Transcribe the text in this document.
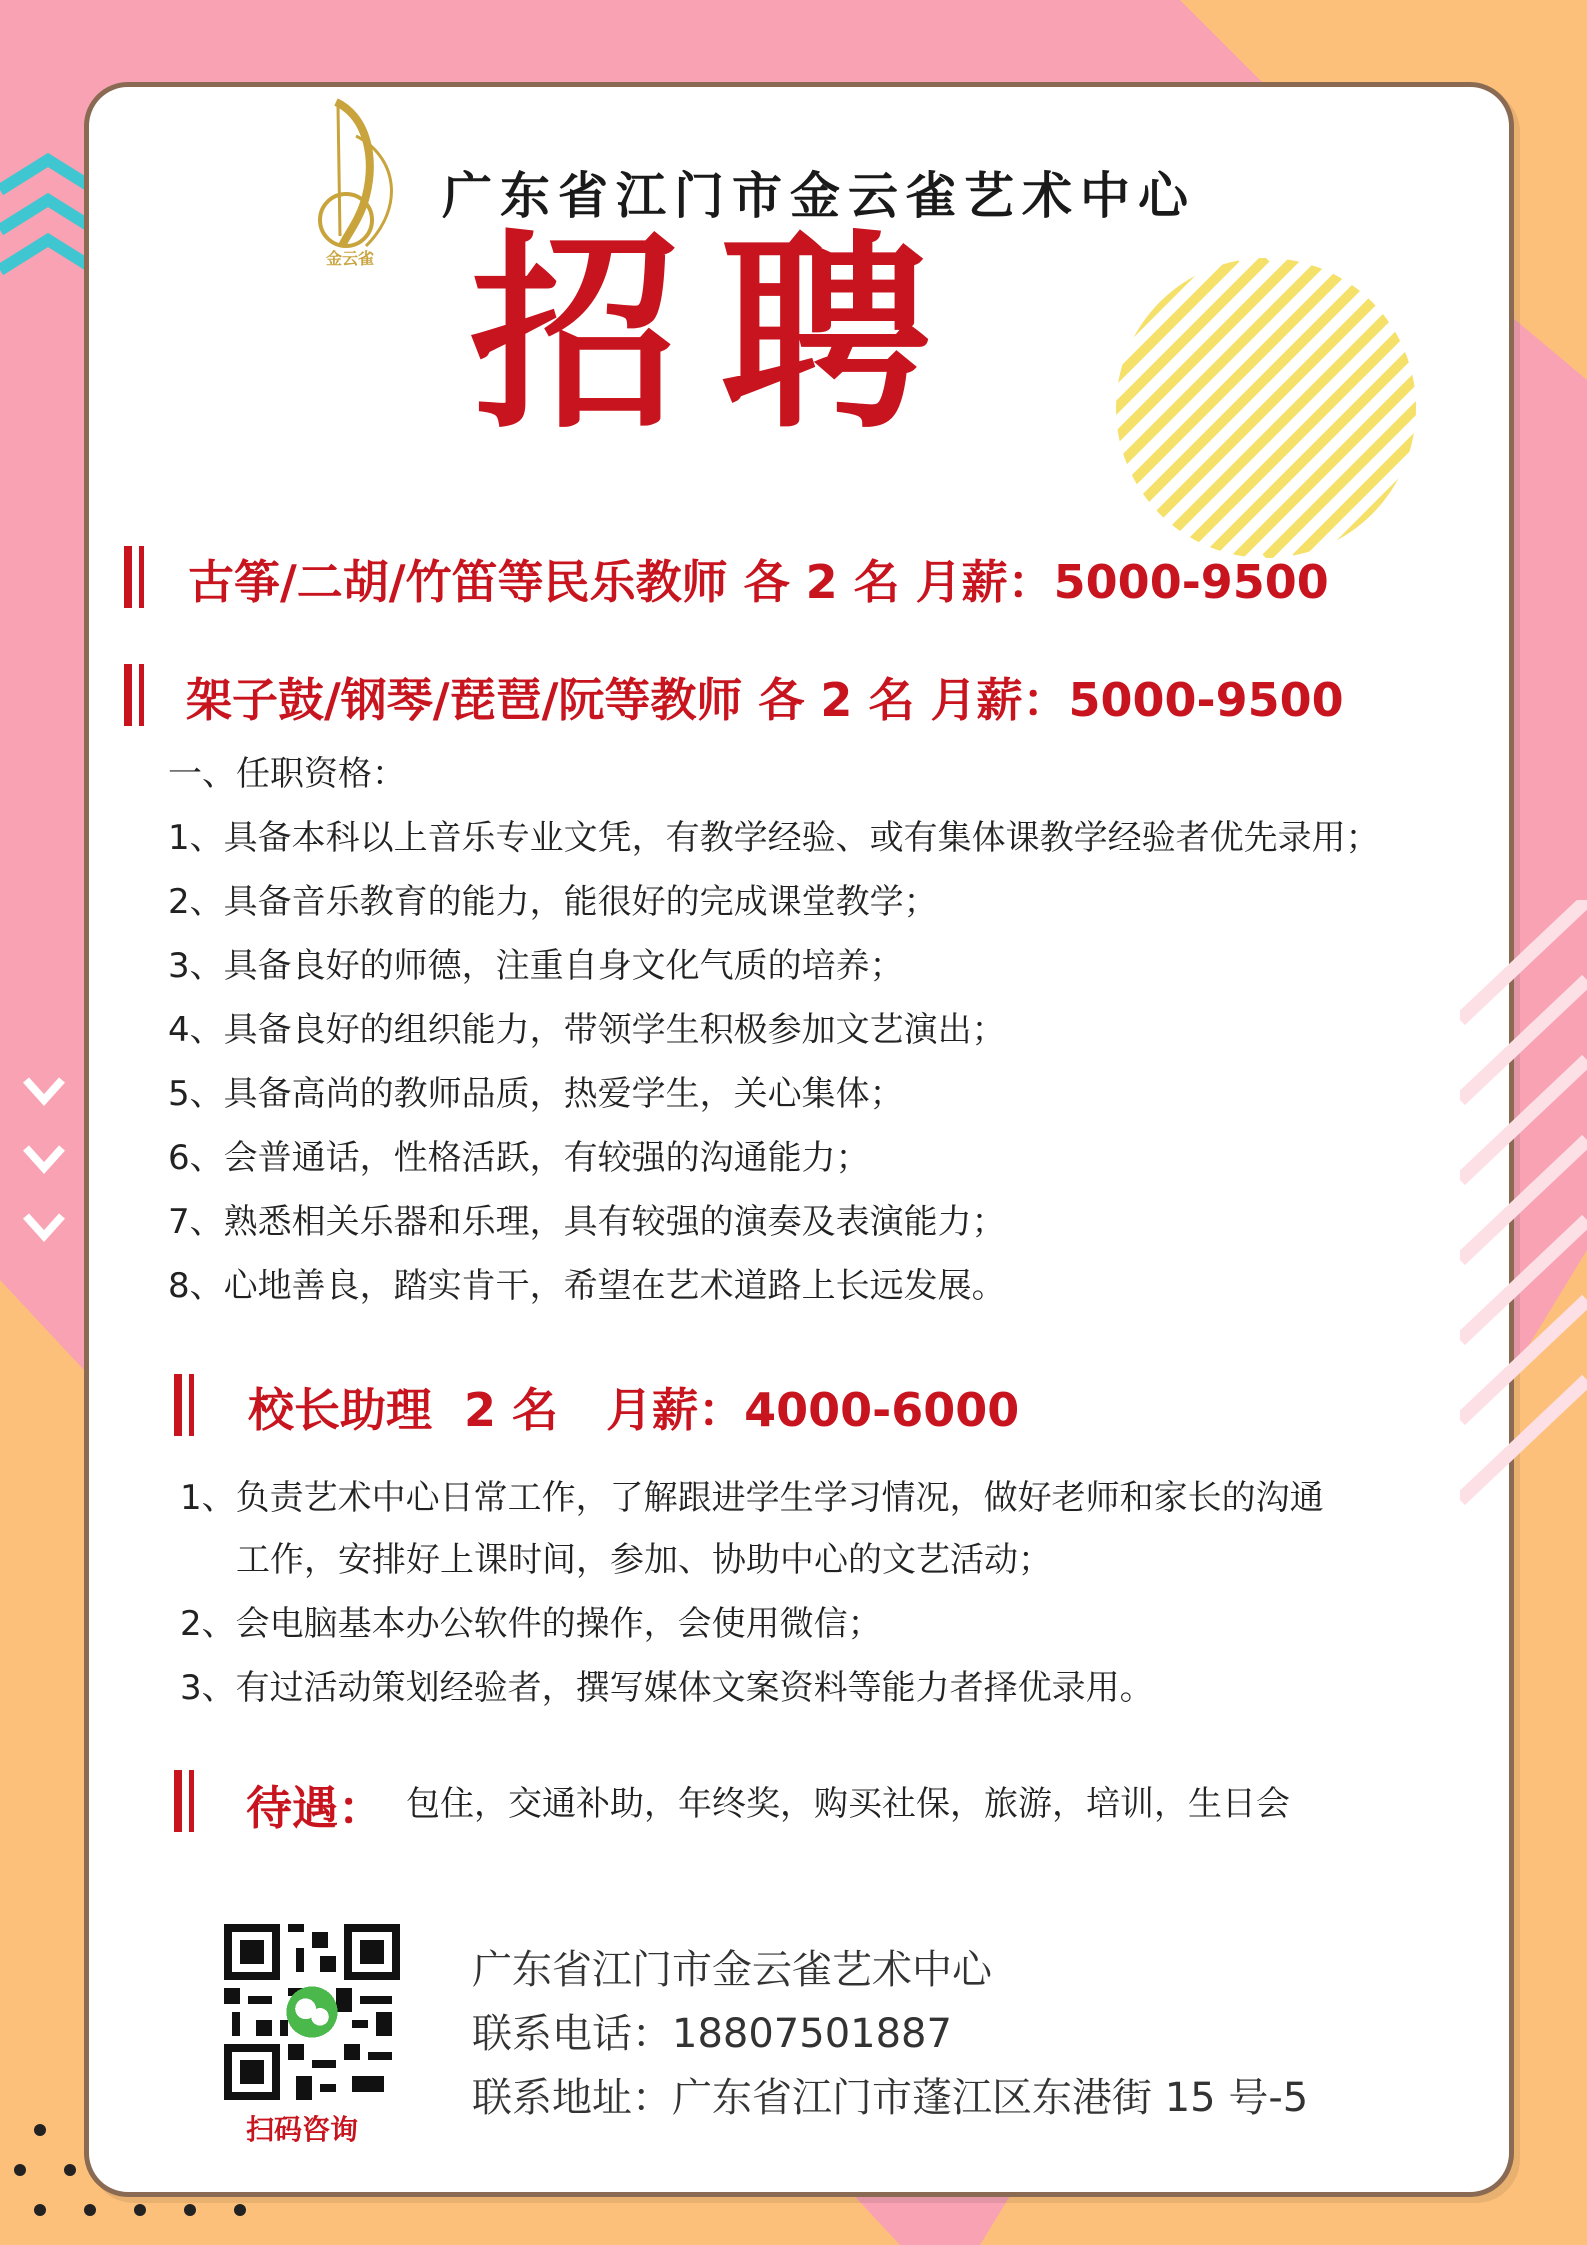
金云雀
广东省江门市金云雀艺术中心
招聘
古筝/二胡/竹笛等民乐教师 各 2 名 月薪：5000-9500
架子鼓/钢琴/琵琶/阮等教师 各 2 名 月薪：5000-9500
一、任职资格：
1、具备本科以上音乐专业文凭，有教学经验、或有集体课教学经验者优先录用；
2、具备音乐教育的能力，能很好的完成课堂教学；
3、具备良好的师德，注重自身文化气质的培养；
4、具备良好的组织能力，带领学生积极参加文艺演出；
5、具备高尚的教师品质，热爱学生，关心集体；
6、会普通话，性格活跃，有较强的沟通能力；
7、熟悉相关乐器和乐理，具有较强的演奏及表演能力；
8、心地善良，踏实肯干，希望在艺术道路上长远发展。
校长助理  2 名   月薪：4000-6000
1、负责艺术中心日常工作，了解跟进学生学习情况，做好老师和家长的沟通
工作，安排好上课时间，参加、协助中心的文艺活动；
2、会电脑基本办公软件的操作，会使用微信；
3、有过活动策划经验者，撰写媒体文案资料等能力者择优录用。
待遇： 包住，交通补助，年终奖，购买社保，旅游，培训，生日会
扫码咨询
广东省江门市金云雀艺术中心
联系电话：18807501887
联系地址：广东省江门市蓬江区东港街 15 号-5
